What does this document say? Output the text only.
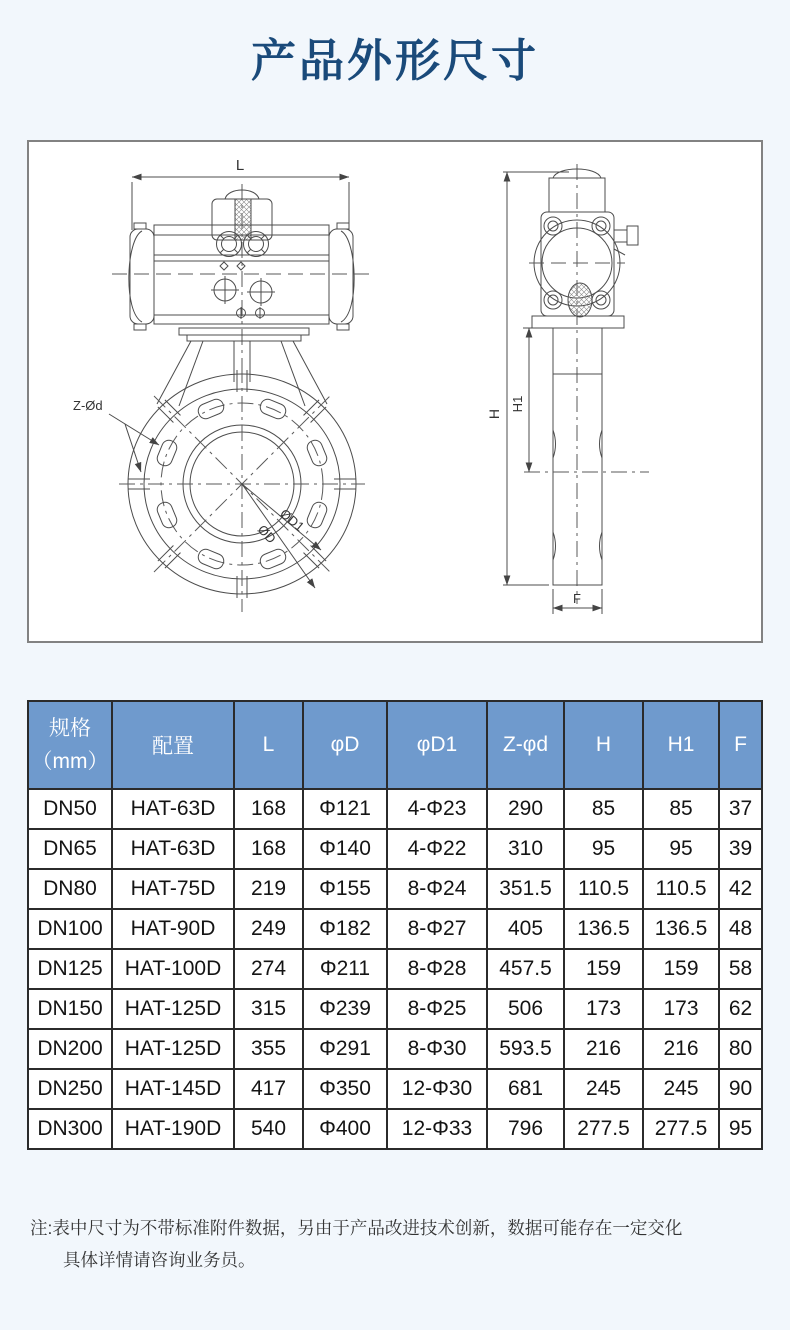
产品外形尺寸
L
ØD1
ØD
Z-Ød
H
H1
F
规格
（mm）	配置	L	φD	φD1	Z-φd	H	H1	F
DN50	HAT-63D	168	Φ121	4-Φ23	290	85	85	37
DN65	HAT-63D	168	Φ140	4-Φ22	310	95	95	39
DN80	HAT-75D	219	Φ155	8-Φ24	351.5	110.5	110.5	42
DN100	HAT-90D	249	Φ182	8-Φ27	405	136.5	136.5	48
DN125	HAT-100D	274	Φ211	8-Φ28	457.5	159	159	58
DN150	HAT-125D	315	Φ239	8-Φ25	506	173	173	62
DN200	HAT-125D	355	Φ291	8-Φ30	593.5	216	216	80
DN250	HAT-145D	417	Φ350	12-Φ30	681	245	245	90
DN300	HAT-190D	540	Φ400	12-Φ33	796	277.5	277.5	95
注:表中尺寸为不带标准附件数据，另由于产品改进技术创新，数据可能存在一定交化
具体详情请咨询业务员。
